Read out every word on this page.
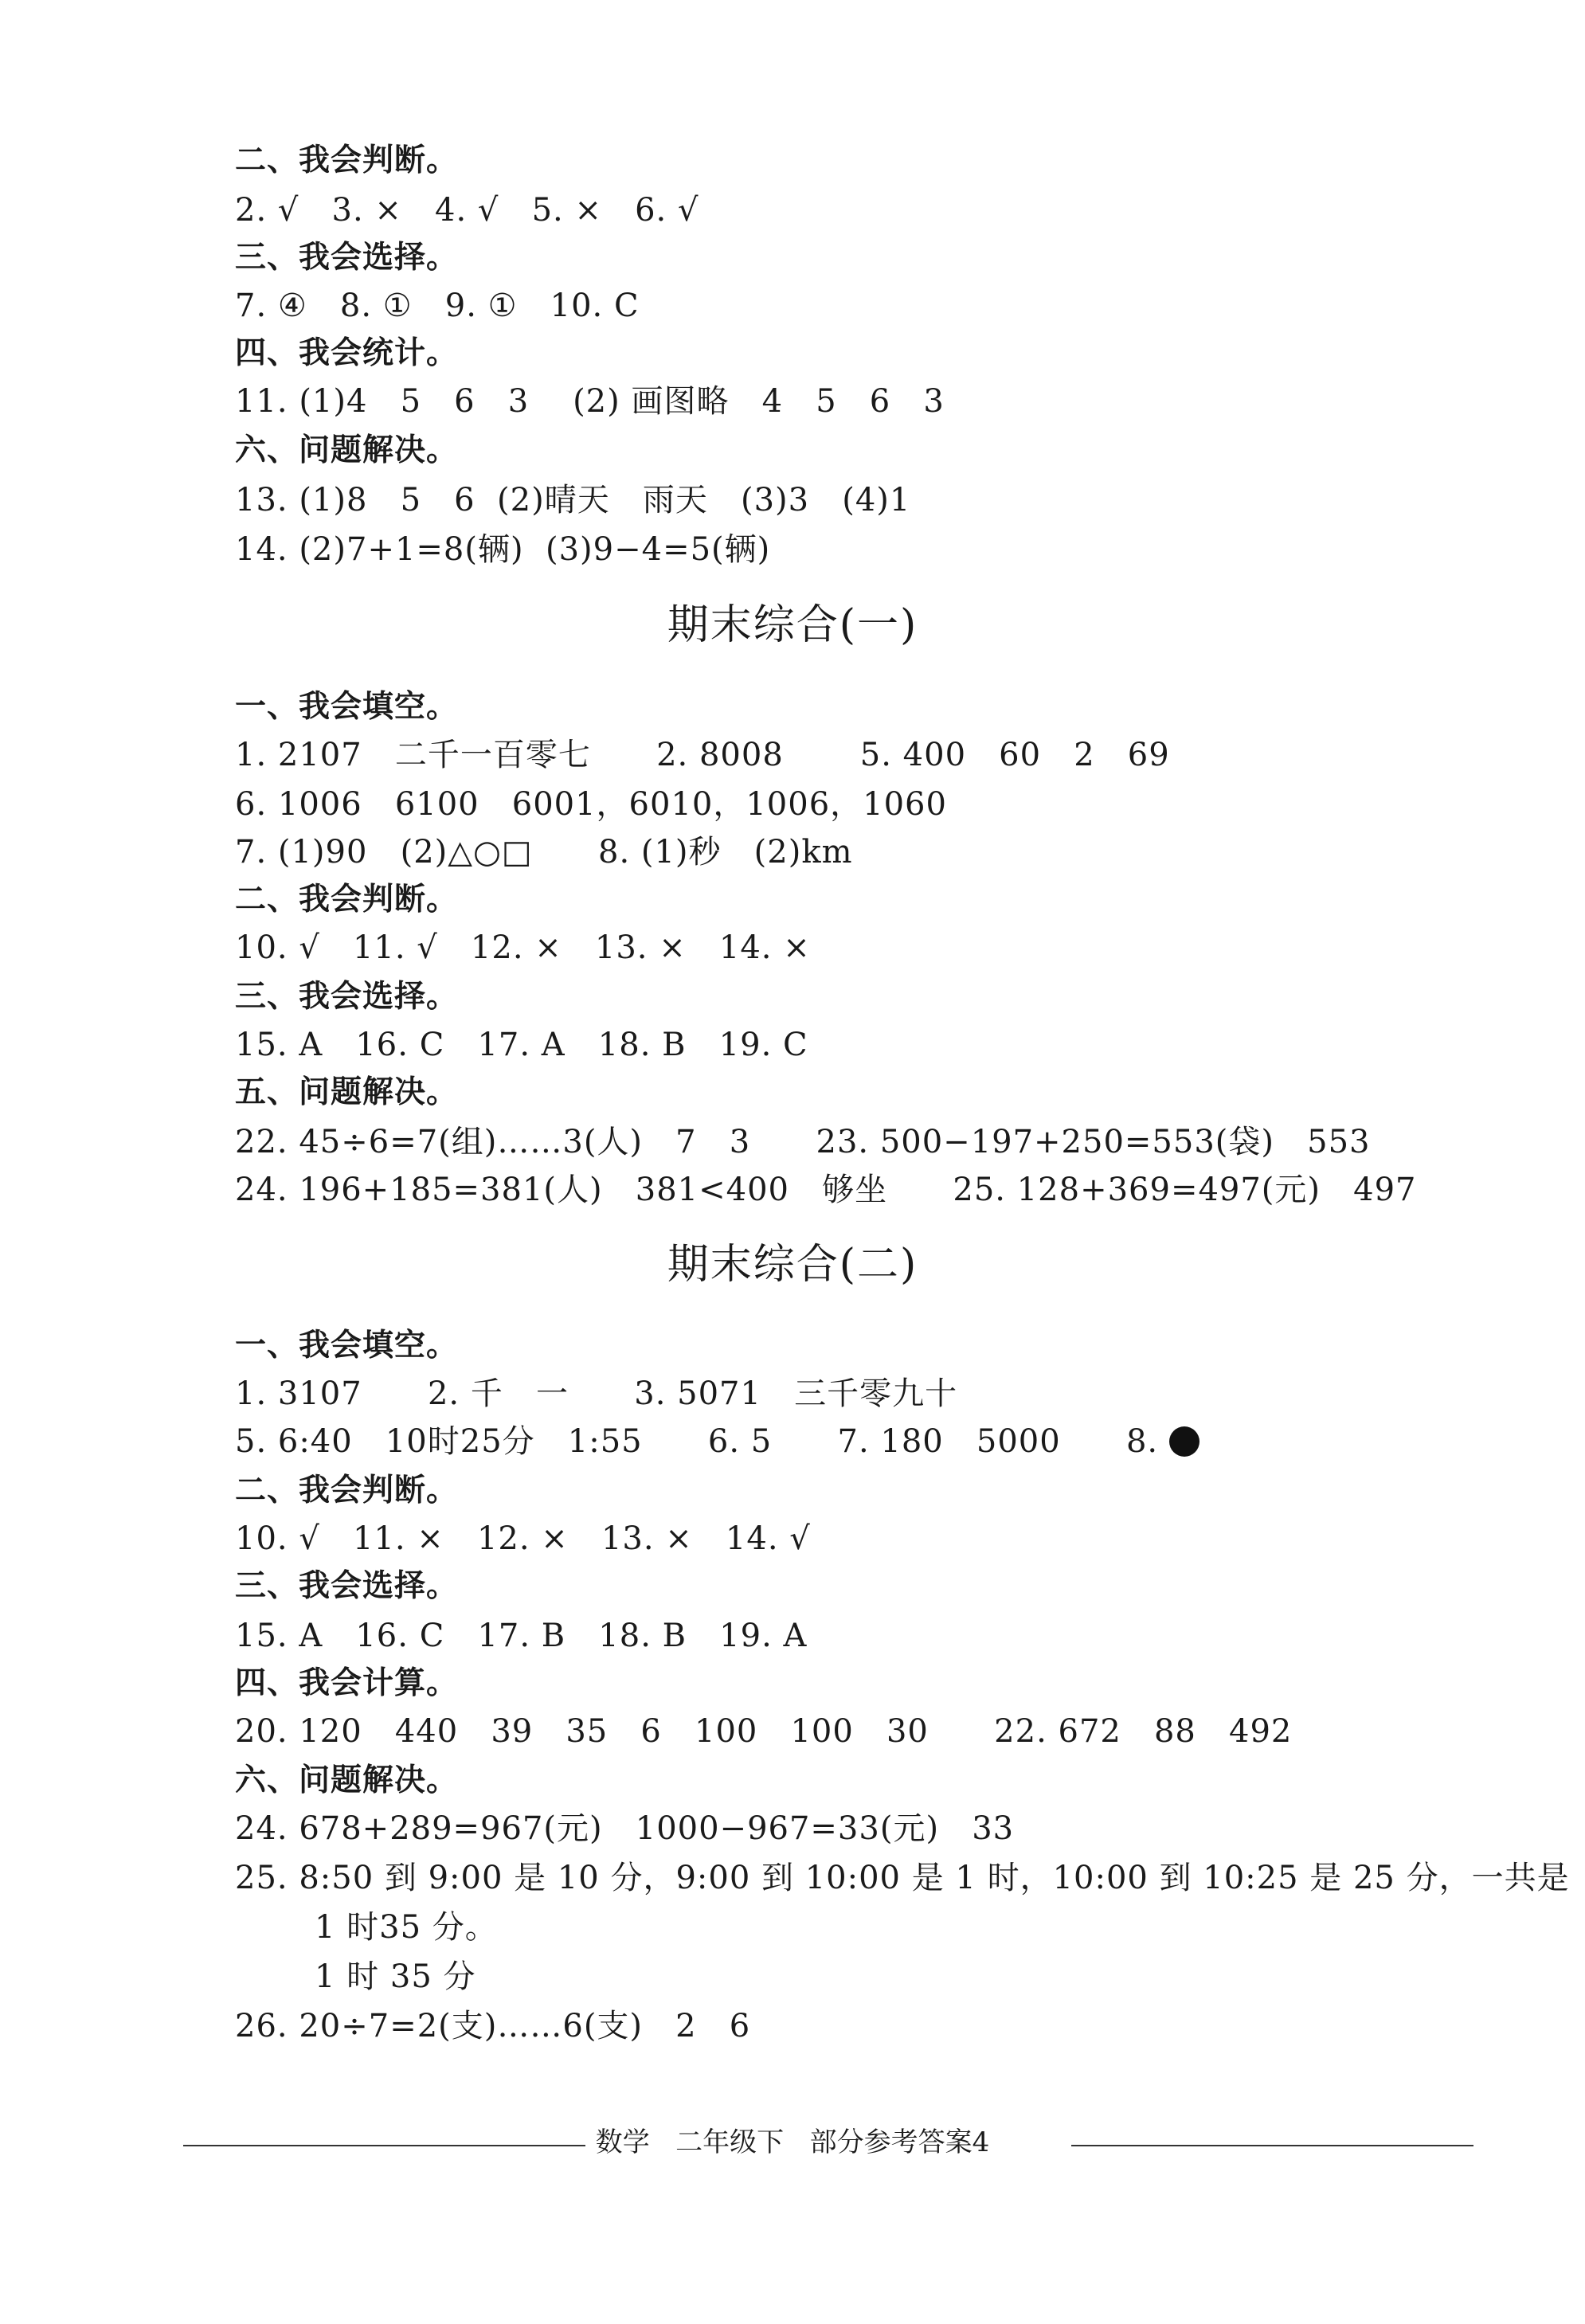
二、我会判断。
2. √   3. ×   4. √   5. ×   6. √
三、我会选择。
7. ④   8. ①   9. ①   10. C
四、我会统计。
11. (1)4   5   6   3    (2) 画图略   4   5   6   3
六、问题解决。
13. (1)8   5   6  (2)晴天   雨天   (3)3   (4)1
14. (2)7+1=8(辆)  (3)9−4=5(辆)
期末综合(一)
一、我会填空。
1. 2107   二千一百零七      2. 8008       5. 400   60   2   69
6. 1006   6100   6001，6010，1006，1060
7. (1)90   (2)△○□      8. (1)秒   (2)km
二、我会判断。
10. √   11. √   12. ×   13. ×   14. ×
三、我会选择。
15. A   16. C   17. A   18. B   19. C
五、问题解决。
22. 45÷6=7(组)……3(人)   7   3      23. 500−197+250=553(袋)   553
24. 196+185=381(人)   381<400   够坐      25. 128+369=497(元)   497
期末综合(二)
一、我会填空。
1. 3107      2. 千   一      3. 5071   三千零九十
5. 6:40   10时25分   1:55      6. 5      7. 180   5000      8.
二、我会判断。
10. √   11. ×   12. ×   13. ×   14. √
三、我会选择。
15. A   16. C   17. B   18. B   19. A
四、我会计算。
20. 120   440   39   35   6   100   100   30      22. 672   88   492
六、问题解决。
24. 678+289=967(元)   1000−967=33(元)   33
25. 8:50 到 9:00 是 10 分，9:00 到 10:00 是 1 时，10:00 到 10:25 是 25 分，一共是
1 时35 分。
1 时 35 分
26. 20÷7=2(支)……6(支)   2   6
数学   二年级下   部分参考答案4
